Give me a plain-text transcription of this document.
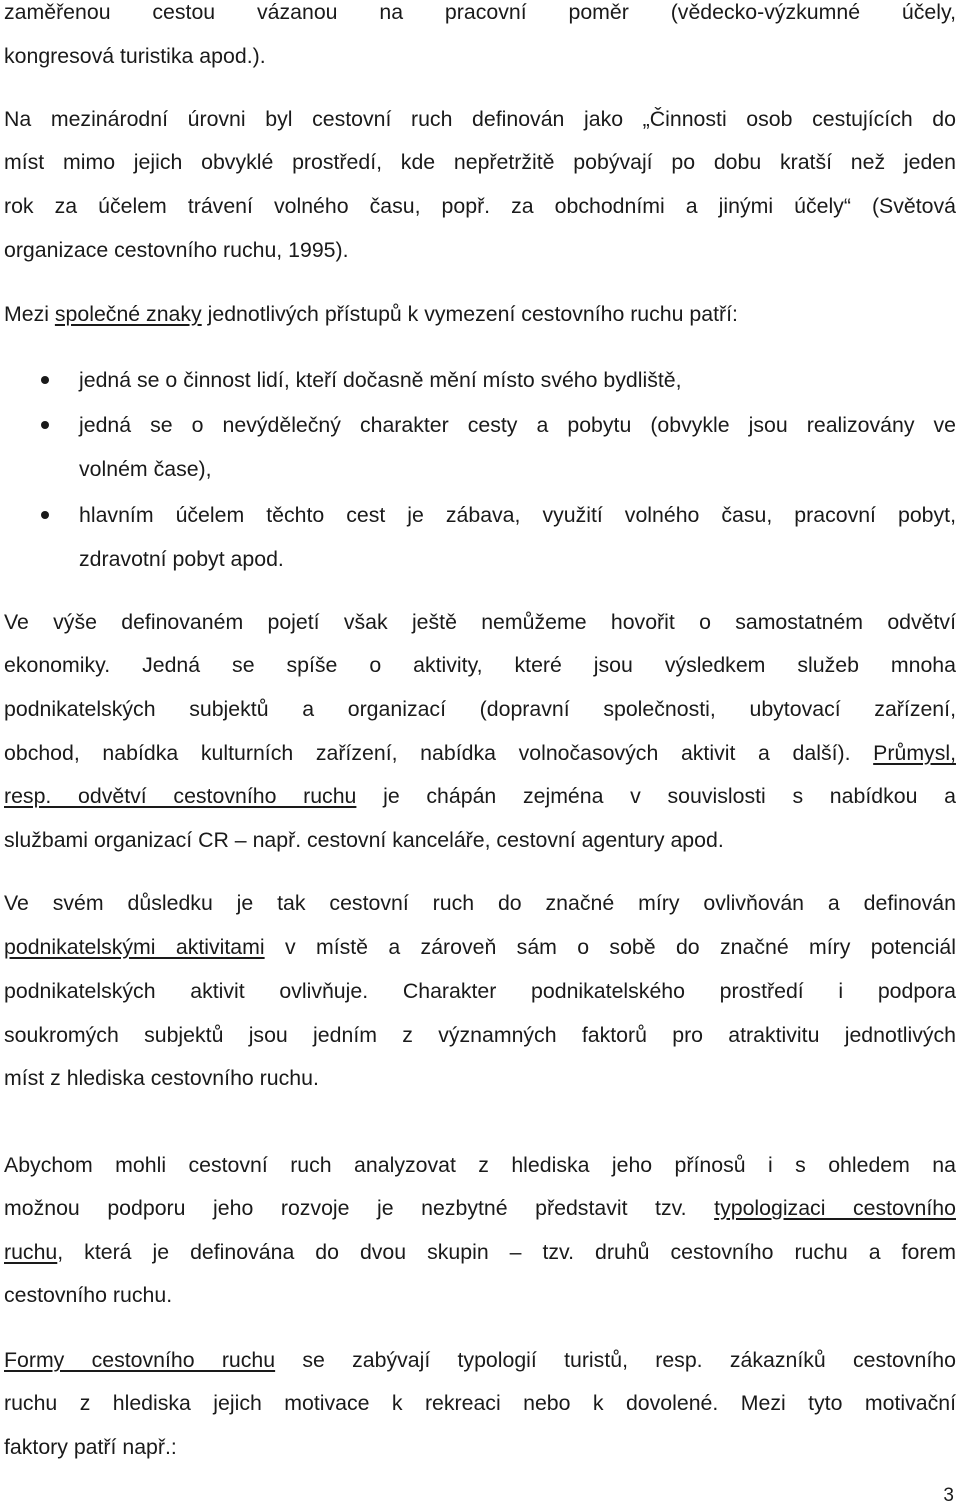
zaměřenou cestou vázanou na pracovní poměr (vědecko-výzkumné účely,
kongresová turistika apod.).
Na mezinárodní úrovni byl cestovní ruch definován jako „Činnosti osob cestujících do
míst mimo jejich obvyklé prostředí, kde nepřetržitě pobývají po dobu kratší než jeden
rok za účelem trávení volného času, popř. za obchodními a jinými účely“ (Světová
organizace cestovního ruchu, 1995).
Mezi společné znaky jednotlivých přístupů k vymezení cestovního ruchu patří:
jedná se o činnost lidí, kteří dočasně mění místo svého bydliště,
jedná se o nevýdělečný charakter cesty a pobytu (obvykle jsou realizovány ve
volném čase),
hlavním účelem těchto cest je zábava, využití volného času, pracovní pobyt,
zdravotní pobyt apod.
Ve výše definovaném pojetí však ještě nemůžeme hovořit o samostatném odvětví
ekonomiky. Jedná se spíše o aktivity, které jsou výsledkem služeb mnoha
podnikatelských subjektů a organizací (dopravní společnosti, ubytovací zařízení,
obchod, nabídka kulturních zařízení, nabídka volnočasových aktivit a další). Průmysl,
resp. odvětví cestovního ruchu je chápán zejména v souvislosti s nabídkou a
službami organizací CR – např. cestovní kanceláře, cestovní agentury apod.
Ve svém důsledku je tak cestovní ruch do značné míry ovlivňován a definován
podnikatelskými aktivitami v místě a zároveň sám o sobě do značné míry potenciál
podnikatelských aktivit ovlivňuje. Charakter podnikatelského prostředí i podpora
soukromých subjektů jsou jedním z významných faktorů pro atraktivitu jednotlivých
míst z hlediska cestovního ruchu.
Abychom mohli cestovní ruch analyzovat z hlediska jeho přínosů i s ohledem na
možnou podporu jeho rozvoje je nezbytné představit tzv. typologizaci cestovního
ruchu, která je definována do dvou skupin – tzv. druhů cestovního ruchu a forem
cestovního ruchu.
Formy cestovního ruchu se zabývají typologií turistů, resp. zákazníků cestovního
ruchu z hlediska jejich motivace k rekreaci nebo k dovolené. Mezi tyto motivační
faktory patří např.:
3
